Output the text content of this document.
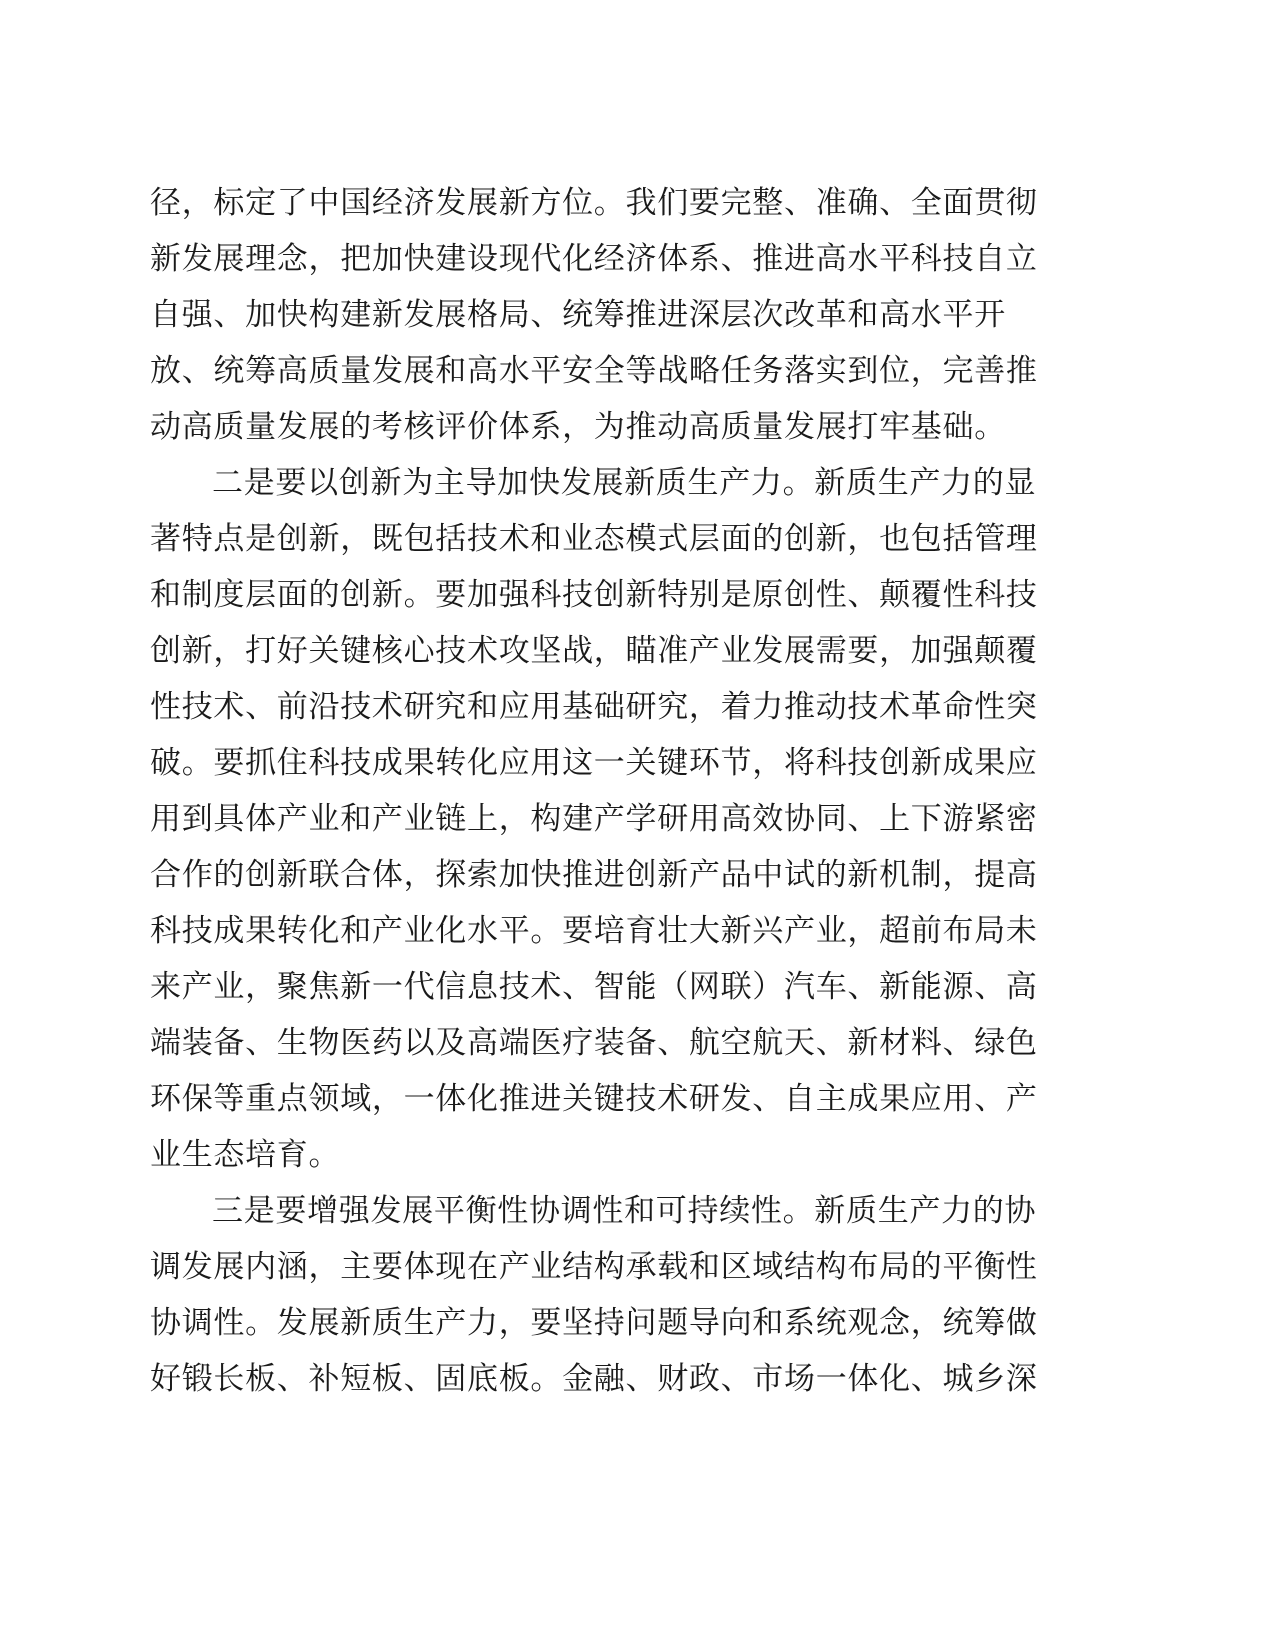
径，标定了中国经济发展新方位。我们要完整、准确、全面贯彻
新发展理念，把加快建设现代化经济体系、推进高水平科技自立
自强、加快构建新发展格局、统筹推进深层次改革和高水平开
放、统筹高质量发展和高水平安全等战略任务落实到位，完善推
动高质量发展的考核评价体系，为推动高质量发展打牢基础。
二是要以创新为主导加快发展新质生产力。新质生产力的显
著特点是创新，既包括技术和业态模式层面的创新，也包括管理
和制度层面的创新。要加强科技创新特别是原创性、颠覆性科技
创新，打好关键核心技术攻坚战，瞄准产业发展需要，加强颠覆
性技术、前沿技术研究和应用基础研究，着力推动技术革命性突
破。要抓住科技成果转化应用这一关键环节，将科技创新成果应
用到具体产业和产业链上，构建产学研用高效协同、上下游紧密
合作的创新联合体，探索加快推进创新产品中试的新机制，提高
科技成果转化和产业化水平。要培育壮大新兴产业，超前布局未
来产业，聚焦新一代信息技术、智能（网联）汽车、新能源、高
端装备、生物医药以及高端医疗装备、航空航天、新材料、绿色
环保等重点领域，一体化推进关键技术研发、自主成果应用、产
业生态培育。
三是要增强发展平衡性协调性和可持续性。新质生产力的协
调发展内涵，主要体现在产业结构承载和区域结构布局的平衡性
协调性。发展新质生产力，要坚持问题导向和系统观念，统筹做
好锻长板、补短板、固底板。金融、财政、市场一体化、城乡深
